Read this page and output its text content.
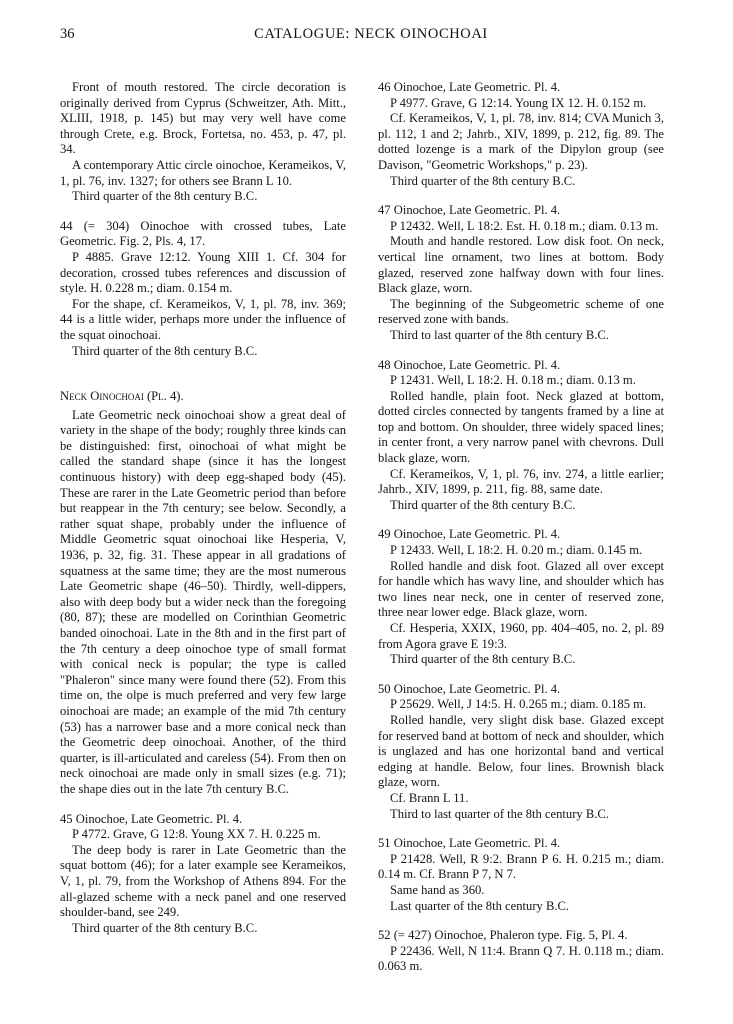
36	CATALOGUE: NECK OINOCHOAI

Front of mouth restored. The circle decoration is originally derived from Cyprus (Schweitzer, Ath. Mitt., XLIII, 1918, p. 145) but may very well have come through Crete, e.g. Brock, Fortetsa, no. 453, p. 47, pl. 34.

A contemporary Attic circle oinochoe, Kerameikos, V, 1, pl. 76, inv. 1327; for others see Brann L 10.

Third quarter of the 8th century B.C.

44 (= 304) Oinochoe with crossed tubes, Late Geometric. Fig. 2, Pls. 4, 17.

P 4885. Grave 12:12. Young XIII 1. Cf. 304 for decoration, crossed tubes references and discussion of style. H. 0.228 m.; diam. 0.154 m.

For the shape, cf. Kerameikos, V, 1, pl. 78, inv. 369; 44 is a little wider, perhaps more under the influence of the squat oinochoai.

Third quarter of the 8th century B.C.

Neck Oinochoai (Pl. 4).

Late Geometric neck oinochoai show a great deal of variety in the shape of the body; roughly three kinds can be distinguished: first, oinochoai of what might be called the standard shape (since it has the longest continuous history) with deep egg-shaped body (45). These are rarer in the Late Geometric period than before but reappear in the 7th century; see below. Secondly, a rather squat shape, probably under the influence of Middle Geometric squat oinochoai like Hesperia, V, 1936, p. 32, fig. 31. These appear in all gradations of squatness at the same time; they are the most numerous Late Geometric shape (46–50). Thirdly, well-dippers, also with deep body but a wider neck than the foregoing (80, 87); these are modelled on Corinthian Geometric banded oinochoai. Late in the 8th and in the first part of the 7th century a deep oinochoe type of small format with conical neck is popular; the type is called "Phaleron" since many were found there (52). From this time on, the olpe is much preferred and very few large oinochoai are made; an example of the mid 7th century (53) has a narrower base and a more conical neck than the Geometric deep oinochoai. Another, of the third quarter, is ill-articulated and careless (54). From then on neck oinochoai are made only in small sizes (e.g. 71); the shape dies out in the late 7th century B.C.

45 Oinochoe, Late Geometric. Pl. 4.

P 4772. Grave, G 12:8. Young XX 7. H. 0.225 m.

The deep body is rarer in Late Geometric than the squat bottom (46); for a later example see Kerameikos, V, 1, pl. 79, from the Workshop of Athens 894. For the all-glazed scheme with a neck panel and one reserved shoulder-band, see 249.

Third quarter of the 8th century B.C.

46 Oinochoe, Late Geometric. Pl. 4.

P 4977. Grave, G 12:14. Young IX 12. H. 0.152 m.

Cf. Kerameikos, V, 1, pl. 78, inv. 814; CVA Munich 3, pl. 112, 1 and 2; Jahrb., XIV, 1899, p. 212, fig. 89. The dotted lozenge is a mark of the Dipylon group (see Davison, "Geometric Workshops," p. 23).

Third quarter of the 8th century B.C.

47 Oinochoe, Late Geometric. Pl. 4.

P 12432. Well, L 18:2. Est. H. 0.18 m.; diam. 0.13 m.

Mouth and handle restored. Low disk foot. On neck, vertical line ornament, two lines at bottom. Body glazed, reserved zone halfway down with four lines. Black glaze, worn.

The beginning of the Subgeometric scheme of one reserved zone with bands.

Third to last quarter of the 8th century B.C.

48 Oinochoe, Late Geometric. Pl. 4.

P 12431. Well, L 18:2. H. 0.18 m.; diam. 0.13 m.

Rolled handle, plain foot. Neck glazed at bottom, dotted circles connected by tangents framed by a line at top and bottom. On shoulder, three widely spaced lines; in center front, a very narrow panel with chevrons. Dull black glaze, worn.

Cf. Kerameikos, V, 1, pl. 76, inv. 274, a little earlier; Jahrb., XIV, 1899, p. 211, fig. 88, same date.

Third quarter of the 8th century B.C.

49 Oinochoe, Late Geometric. Pl. 4.

P 12433. Well, L 18:2. H. 0.20 m.; diam. 0.145 m.

Rolled handle and disk foot. Glazed all over except for handle which has wavy line, and shoulder which has two lines near neck, one in center of reserved zone, three near lower edge. Black glaze, worn.

Cf. Hesperia, XXIX, 1960, pp. 404–405, no. 2, pl. 89 from Agora grave E 19:3.

Third quarter of the 8th century B.C.

50 Oinochoe, Late Geometric. Pl. 4.

P 25629. Well, J 14:5. H. 0.265 m.; diam. 0.185 m.

Rolled handle, very slight disk base. Glazed except for reserved band at bottom of neck and shoulder, which is unglazed and has one horizontal band and vertical edging at handle. Below, four lines. Brownish black glaze, worn.

Cf. Brann L 11.

Third to last quarter of the 8th century B.C.

51 Oinochoe, Late Geometric. Pl. 4.

P 21428. Well, R 9:2. Brann P 6. H. 0.215 m.; diam. 0.14 m. Cf. Brann P 7, N 7.

Same hand as 360.

Last quarter of the 8th century B.C.

52 (= 427) Oinochoe, Phaleron type. Fig. 5, Pl. 4.

P 22436. Well, N 11:4. Brann Q 7. H. 0.118 m.; diam. 0.063 m.
